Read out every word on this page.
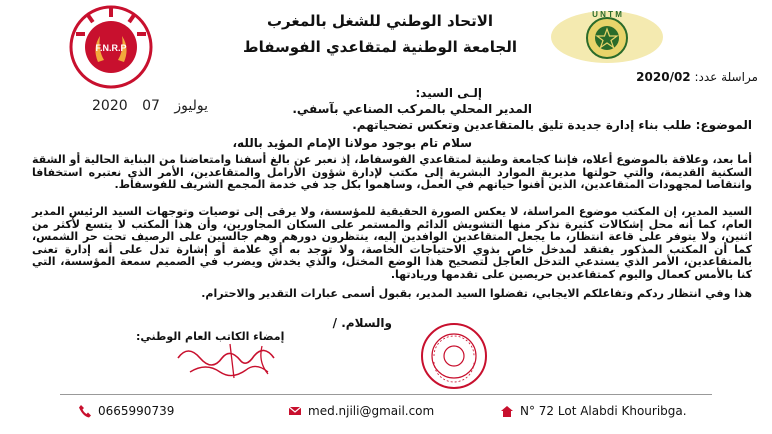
F.N.R.P
U N T M
الاتحاد الوطني للشغل بالمغرب
الجامعة الوطنية لمتقاعدي الفوسفاط
مراسلة عدد: 2020/02
2020	يوليوز 07
إلـى السيد:
المدير المحلي بالمركب الصناعي بآسفي.
الموضوع: طلب بناء إدارة جديدة تليق بالمتقاعدين وتعكس تضحياتهم.
سلام تام بوجود مولانا الإمام المؤيد بالله،
أما بعد، وعلاقة بالموضوع أعلاه، فإننا كجامعة وطنية لمتقاعدي الفوسفاط، إذ نعبر عن بالغ أسفنا وامتعاضنا من البناية الحالية أو الشقة السكنية القديمة، والتي حولتها مديرية الموارد البشرية إلى مكتب لإدارة شؤون الأرامل والمتقاعدين، الأمر الذي نعتبره استخفافا وانتقاصا لمجهودات المتقاعدين، الذين أفنوا حياتهم في العمل، وساهموا بكل جد في خدمة المجمع الشريف للفوسفاط.
السيد المدير، إن المكتب موضوع المراسلة، لا يعكس الصورة الحقيقية للمؤسسة، ولا يرقى إلى توصيات وتوجهات السيد الرئيس المدير العام، كما أنه محل إشكالات كثيرة نذكر منها التشويش الدائم والمستمر على السكان المجاورين، وأن هذا المكتب لا يتسع لأكثر من اثنين، ولا يتوفر على قاعة انتظار، ما يجعل المتقاعدين الوافدين إليه، ينتظرون دورهم وهم جالسين على الرصيف تحت حر الشمس، كما أن المكتب المذكور يفتقد لمدخل خاص بذوي الاحتياجات الخاصة، ولا توجد به أي علامة أو إشارة تدل على أنه إدارة تعنى بالمتقاعدين، الأمر الذي يستدعي التدخل العاجل لتصحيح هذا الوضع المختل، والذي يخدش ويضرب في الصميم سمعة المؤسسة، التي كنا بالأمس كعمال واليوم كمتقاعدين حريصين على تقدمها وريادتها.
هذا وفي انتظار ردكم وتفاعلكم الايجابي، تفضلوا السيد المدير، بقبول أسمى عبارات التقدير والاحترام.
والسلام. /
إمضاء الكاتب العام الوطني:
0665990739	med.njili@gmail.com	N° 72 Lot Alabdi Khouribga.
